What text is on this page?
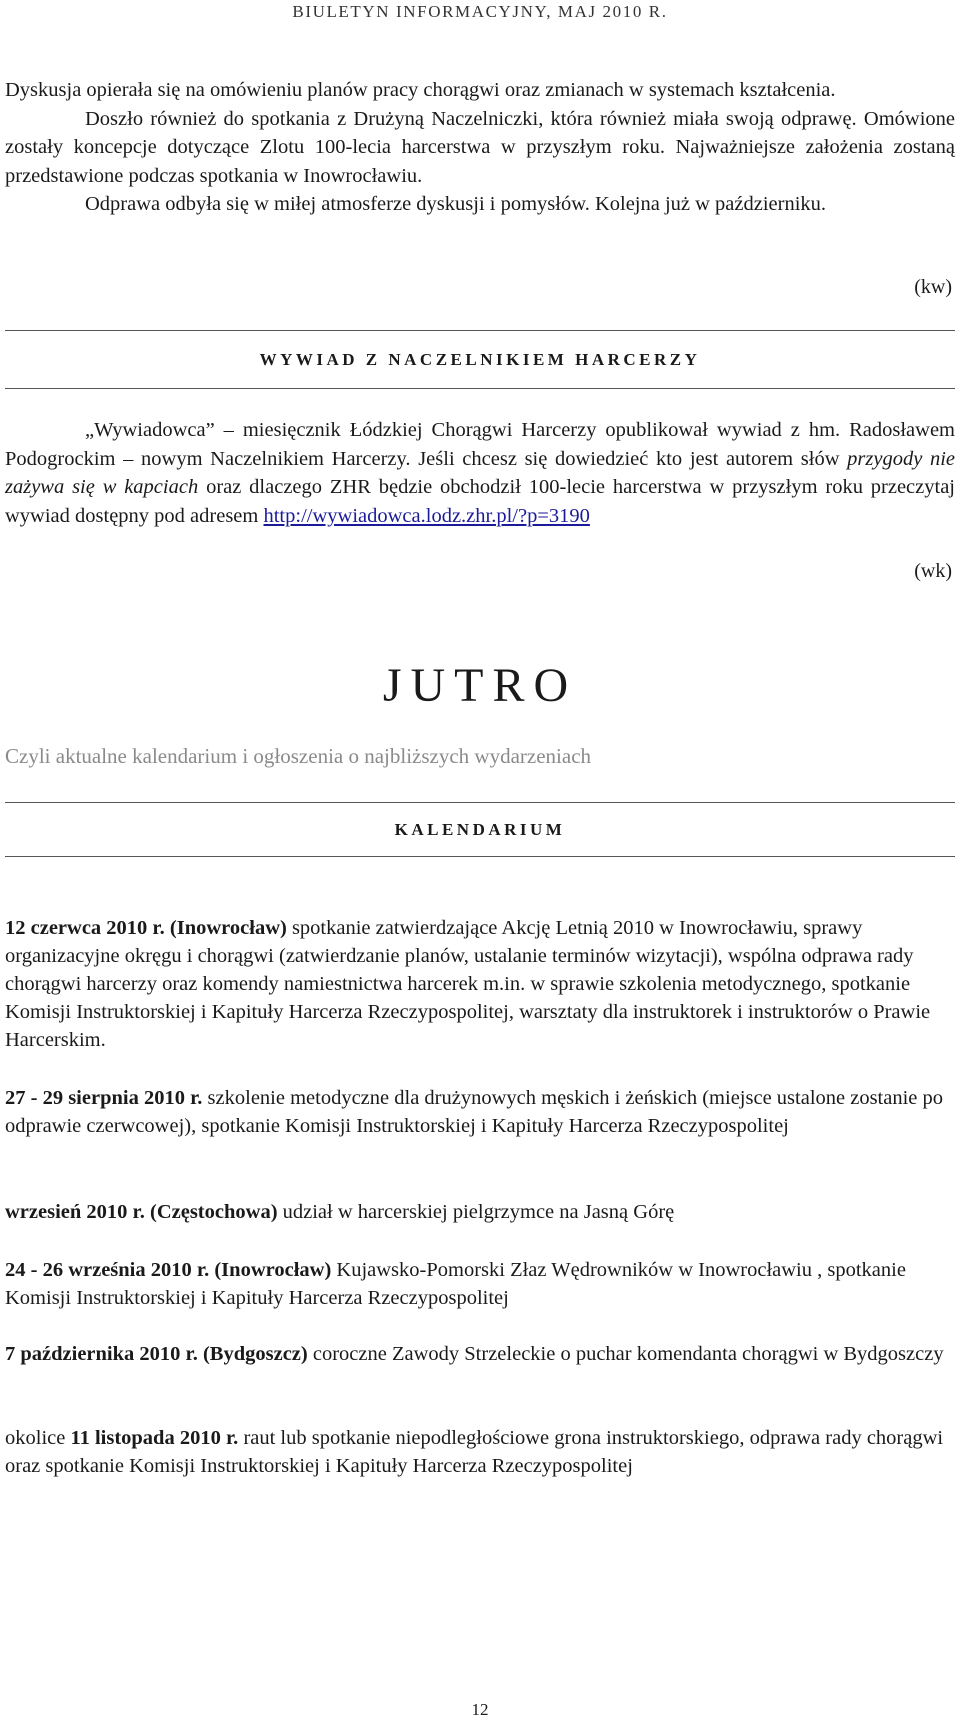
BIULETYN INFORMACYJNY, MAJ 2010 R.

Dyskusja opierała się na omówieniu planów pracy chorągwi oraz zmianach w systemach kształcenia.

Doszło również do spotkania z Drużyną Naczelniczki, która również miała swoją odprawę. Omówione zostały koncepcje dotyczące Zlotu 100-lecia harcerstwa w przyszłym roku. Najważniejsze założenia zostaną przedstawione podczas spotkania w Inowrocławiu.

Odprawa odbyła się w miłej atmosferze dyskusji i pomysłów. Kolejna już w październiku.

(kw)
WYWIAD Z NACZELNIKIEM HARCERZY

„Wywiadowca” – miesięcznik Łódzkiej Chorągwi Harcerzy opublikował wywiad z hm. Radosławem Podogrockim – nowym Naczelnikiem Harcerzy. Jeśli chcesz się dowiedzieć kto jest autorem słów przygody nie zażywa się w kapciach oraz dlaczego ZHR będzie obchodził 100-lecie harcerstwa w przyszłym roku przeczytaj wywiad dostępny pod adresem http://wywiadowca.lodz.zhr.pl/?p=3190

(wk)
JUTRO
Czyli aktualne kalendarium i ogłoszenia o najbliższych wydarzeniach
KALENDARIUM
12 czerwca 2010 r. (Inowrocław) spotkanie zatwierdzające Akcję Letnią 2010 w Inowrocławiu, sprawy organizacyjne okręgu i chorągwi (zatwierdzanie planów, ustalanie terminów wizytacji), wspólna odprawa rady chorągwi harcerzy oraz komendy namiestnictwa harcerek m.in. w sprawie szkolenia metodycznego, spotkanie Komisji Instruktorskiej i Kapituły Harcerza Rzeczypospolitej, warsztaty dla instruktorek i instruktorów o Prawie Harcerskim.
27 - 29 sierpnia 2010 r. szkolenie metodyczne dla drużynowych męskich i żeńskich (miejsce ustalone zostanie po odprawie czerwcowej), spotkanie Komisji Instruktorskiej i Kapituły Harcerza Rzeczypospolitej
wrzesień 2010 r. (Częstochowa) udział w harcerskiej pielgrzymce na Jasną Górę
24 - 26 września 2010 r. (Inowrocław) Kujawsko-Pomorski Złaz Wędrowników w Inowrocławiu , spotkanie Komisji Instruktorskiej i Kapituły Harcerza Rzeczypospolitej
7 października 2010 r. (Bydgoszcz) coroczne Zawody Strzeleckie o puchar komendanta chorągwi w Bydgoszczy
okolice 11 listopada 2010 r. raut lub spotkanie niepodległościowe grona instruktorskiego, odprawa rady chorągwi oraz spotkanie Komisji Instruktorskiej i Kapituły Harcerza Rzeczypospolitej
12
